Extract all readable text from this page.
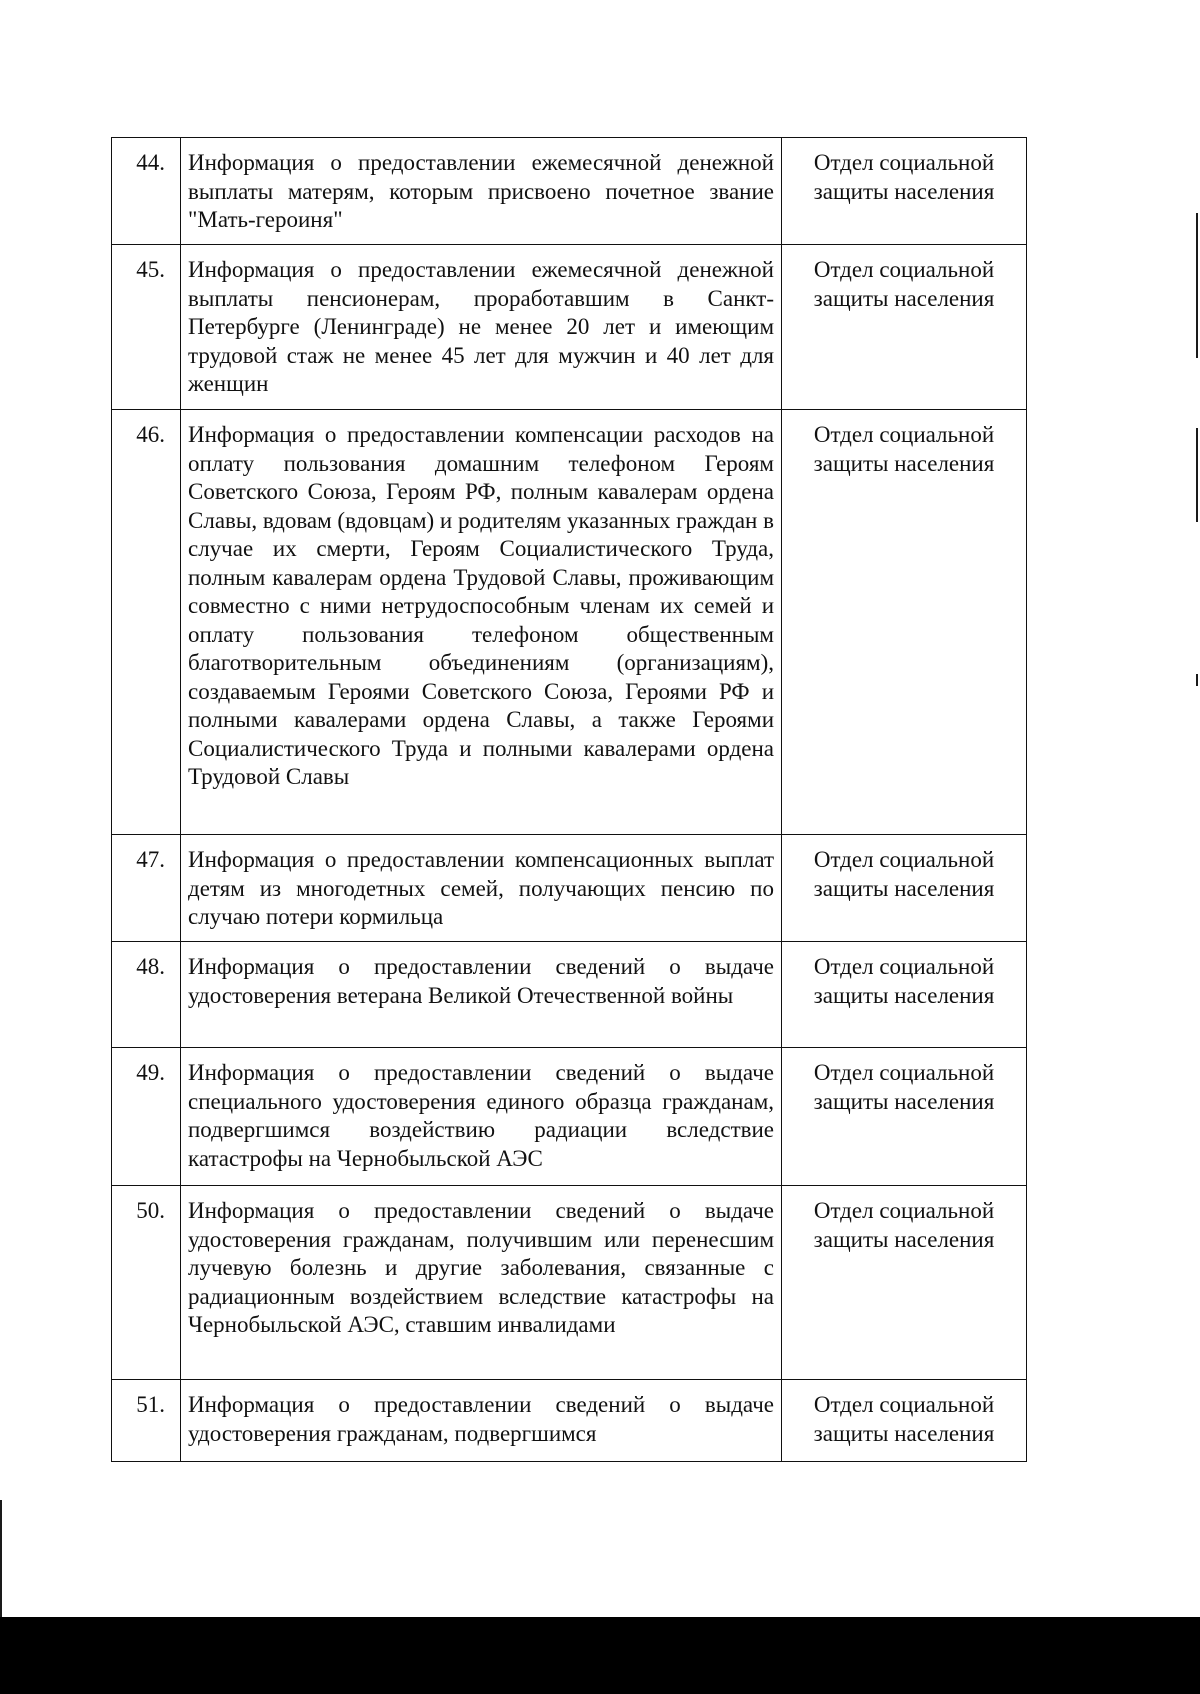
44.	Информация о предоставлении ежемесячной денежной выплаты матерям, которым присвоено почетное звание "Мать-героиня"	Отдел социальной защиты населения
45.	Информация о предоставлении ежемесячной денежной выплаты пенсионерам, проработавшим в Санкт-Петербурге (Ленинграде) не менее 20 лет и имеющим трудовой стаж не менее 45 лет для мужчин и 40 лет для женщин	Отдел социальной защиты населения
46.	Информация о предоставлении компенсации расходов на оплату пользования домашним телефоном Героям Советского Союза, Героям РФ, полным кавалерам ордена Славы, вдовам (вдовцам) и родителям указанных граждан в случае их смерти, Героям Социалистического Труда, полным кавалерам ордена Трудовой Славы, проживающим совместно с ними нетрудоспособным членам их семей и оплату пользования телефоном общественным благотворительным объединениям (организациям), создаваемым Героями Советского Союза, Героями РФ и полными кавалерами ордена Славы, а также Героями Социалистического Труда и полными кавалерами ордена Трудовой Славы	Отдел социальной защиты населения
47.	Информация о предоставлении компенсационных выплат детям из многодетных семей, получающих пенсию по случаю потери кормильца	Отдел социальной защиты населения
48.	Информация о предоставлении сведений о выдаче удостоверения ветерана Великой Отечественной войны	Отдел социальной защиты населения
49.	Информация о предоставлении сведений о выдаче специального удостоверения единого образца гражданам, подвергшимся воздействию радиации вследствие катастрофы на Чернобыльской АЭС	Отдел социальной защиты населения
50.	Информация о предоставлении сведений о выдаче удостоверения гражданам, получившим или перенесшим лучевую болезнь и другие заболевания, связанные с радиационным воздействием вследствие катастрофы на Чернобыльской АЭС, ставшим инвалидами	Отдел социальной защиты населения
51.	Информация о предоставлении сведений о выдаче удостоверения гражданам, подвергшимся	Отдел социальной защиты населения
